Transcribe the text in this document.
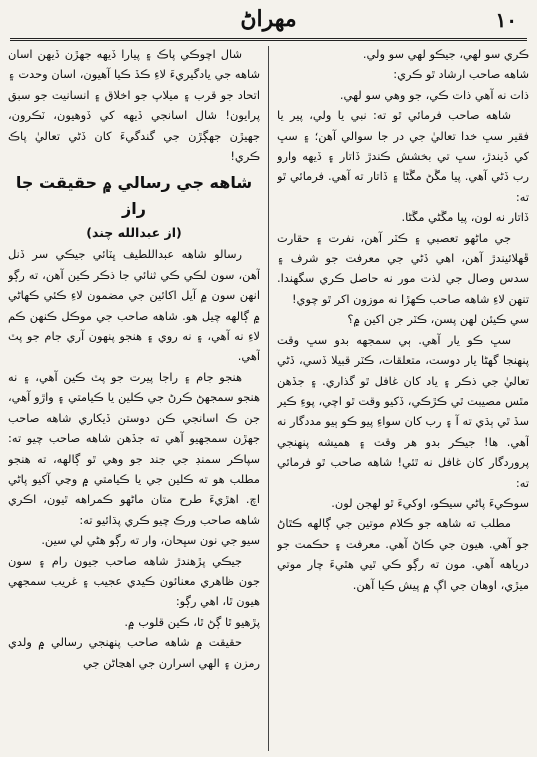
١٠
مهراڻ

ڪري سو لهي، جيڪو لهي سو ولي.

شاهه صاحب ارشاد ٿو ڪري:

ذات نه آهي ذات ڪي، جو وهي سو لهي.

شاهه صاحب فرمائي ٿو ته: نبي يا ولي، پير يا فقير سڀ خدا تعاليٰ جي در جا سوالي آهن؛ ۽ سڀ کي ڏيندڙ، سڀ تي بخشش ڪندڙ ڏاتار ۽ ڏيهه وارو رب ڏڻي آهي. پيا مڱڻ مڱڻا ۽ ڏاتار ته آهي. فرمائي ٿو ته:

ڏاتار نه لون، پيا مڱڻي مڱڻا.

جي ماڻهو تعصبي ۽ ڪٽر آهن، نفرت ۽ حقارت ڦهلائيندڙ آهن، اهي ڏڻي جي معرفت جو شرف ۽ سدس وصال جي لذت مور نه حاصل ڪري سگهندا. تنهن لاءِ شاهه صاحب ڪهڙا نه موزون اکر ٿو چوي!

سي ڪيئن لهن پسن، ڪٽر جن اکين ۾؟

سڀ ڪو يار آهي. ٻي سمجهه بدو سڀ وقت پنهنجا گهڻا يار دوست، متعلقات، ڪٽر قبيلا ڏسي، ڏڻي تعاليٰ جي ذڪر ۽ ياد کان غافل ٿو گذاري. ۽ جڏهن مٿس مصيبت ٿي ڪڙڪي، ڏکيو وقت ٿو اچي، پوءِ ڪير سڏ ٿي ٻڌي ته آ ۽ رب کان سواءِ پيو ڪو ٻيو مددگار نه آهي. ها! جيڪر بدو هر وقت ۽ هميشه پنهنجي پروردگار کان غافل نه ٿئي! شاهه صاحب ٿو فرمائي ته:

سوڪيءَ پاڻي سيڪو، اوکيءَ ٿو لهجن لون.

مطلب ته شاهه جو ڪلام موتين جي ڳالهه ڪٿاڻ جو آهي. هيون جي ڪاڻ آهي. معرفت ۽ حڪمت جو درياهه آهي. مون ته رڳو ڪي ٿيي هٿيءَ چار موتي ميڙي، اوهان جي اڳ ۾ پيش ڪيا آهن.

شال اچوڪي پاڪ ۽ پيارا ڏيهه جهڙن ڏيهن اسان شاهه جي يادگيريءَ لاءِ ڪڏ ڪيا آهيون، اسان وحدت ۽ اتحاد جو قرب ۽ ميلاپ جو اخلاق ۽ انسانيت جو سبق پرايون! شال اسانجي ڏيهه کي ڏوهيون، ٽڪرون، جهيڙن جهڳڙن جي گندگيءَ کان ڏڻي تعاليٰ پاڪ ڪري!

شاهه جي رسالي ۾ حقيقت جا راز
(از عبدالله چند)

رسالو شاهه عبداللطيف ڀٽائي جيڪي سر ڏنل آهن، سون لڪي ڪي ثنائي جا ذڪر ڪين آهن، ته رڳو انهن سون ۾ آيل اکائين جي مضمون لاءِ ڪئي ڪهاڻي ۾ ڳالهه چيل هو. شاهه صاحب جي موڪل ڪنهن ڪم لاءِ نه آهي، ۽ نه روي ۽ هنجو پنهون آري جام جو پٽ آهي.

هنجو جام ۽ راجا پيرت جو پٽ ڪين آهي، ۽ نه هنجو سمجهڻ ڪرڻ جي ڪلين يا ڪيامتي ۽ واڙو آهي، جن ڪ اسانجي ڪن دوستن ڏيکاري شاهه صاحب جهڙن سمجهيو آهي ته جڏهن شاهه صاحب چيو ته: سپاڪر سمنڊ جي جند جو وهي ٿو ڳالهه، ته هنجو مطلب هو ته ڪلين جي يا ڪيامتي ۾ وڃي آکيو پاڻي اچ. اهڙيءَ طرح متان ماڻهو ڪمراهه ٿيون، اڪري شاهه صاحب ورڪ چيو ڪري پڌائيو ته:

سيو جي نون سڀحان، وار ته رڳو هڻي لي سين.

جيڪي پڙهندڙ شاهه صاحب جيون رام ۽ سون جون ظاهري معنائون ڪيدي عجيب ۽ غريب سمجهي هيون ٿا، اهي رڳو:

پڙهيو ٿا ڳڻ ٿا، ڪين قلوب ۾.

حقيقت ۾ شاهه صاحب پنهنجي رسالي ۾ ولدي رمزن ۽ الهي اسرارن جي اهڃاڻن جي
